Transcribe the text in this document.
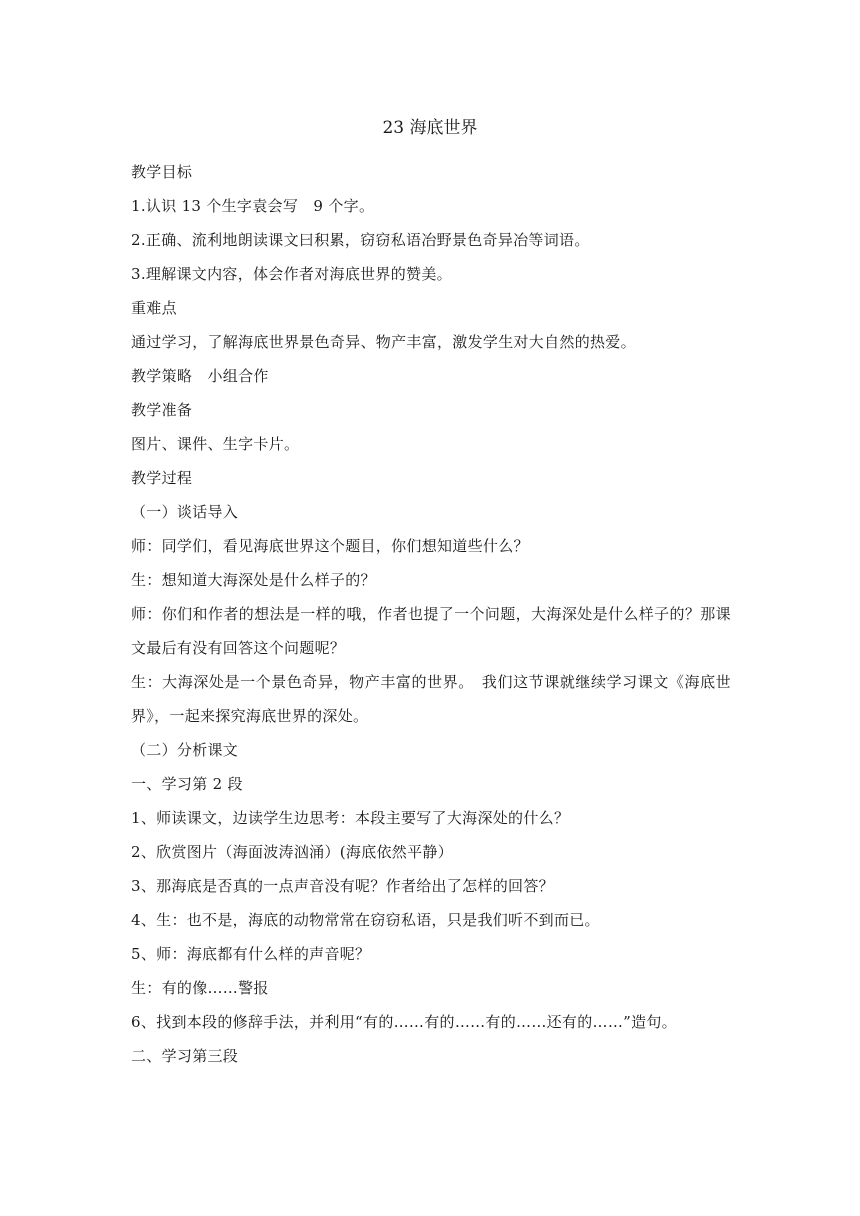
23 海底世界
教学目标
1.认识 13 个生字袁会写　9 个字。
2.正确、流利地朗读课文曰积累，窃窃私语冶野景色奇异冶等词语。
3.理解课文内容，体会作者对海底世界的赞美。
重难点
通过学习，了解海底世界景色奇异、物产丰富，激发学生对大自然的热爱。
教学策略　小组合作
教学准备
图片、课件、生字卡片。
教学过程
（一）谈话导入
师：同学们，看见海底世界这个题目，你们想知道些什么？
生：想知道大海深处是什么样子的？
师：你们和作者的想法是一样的哦，作者也提了一个问题，大海深处是什么样子的？那课文最后有没有回答这个问题呢？
生：大海深处是一个景色奇异，物产丰富的世界。　我们这节课就继续学习课文《海底世界》，一起来探究海底世界的深处。
（二）分析课文
一、学习第 2 段
1、师读课文，边读学生边思考：本段主要写了大海深处的什么？
2、欣赏图片（海面波涛汹涌）(海底依然平静）
3、那海底是否真的一点声音没有呢？作者给出了怎样的回答？
4、生：也不是，海底的动物常常在窃窃私语，只是我们听不到而已。
5、师：海底都有什么样的声音呢？
生：有的像……警报
6、找到本段的修辞手法，并利用“有的……有的……有的……还有的……”造句。
二、学习第三段
